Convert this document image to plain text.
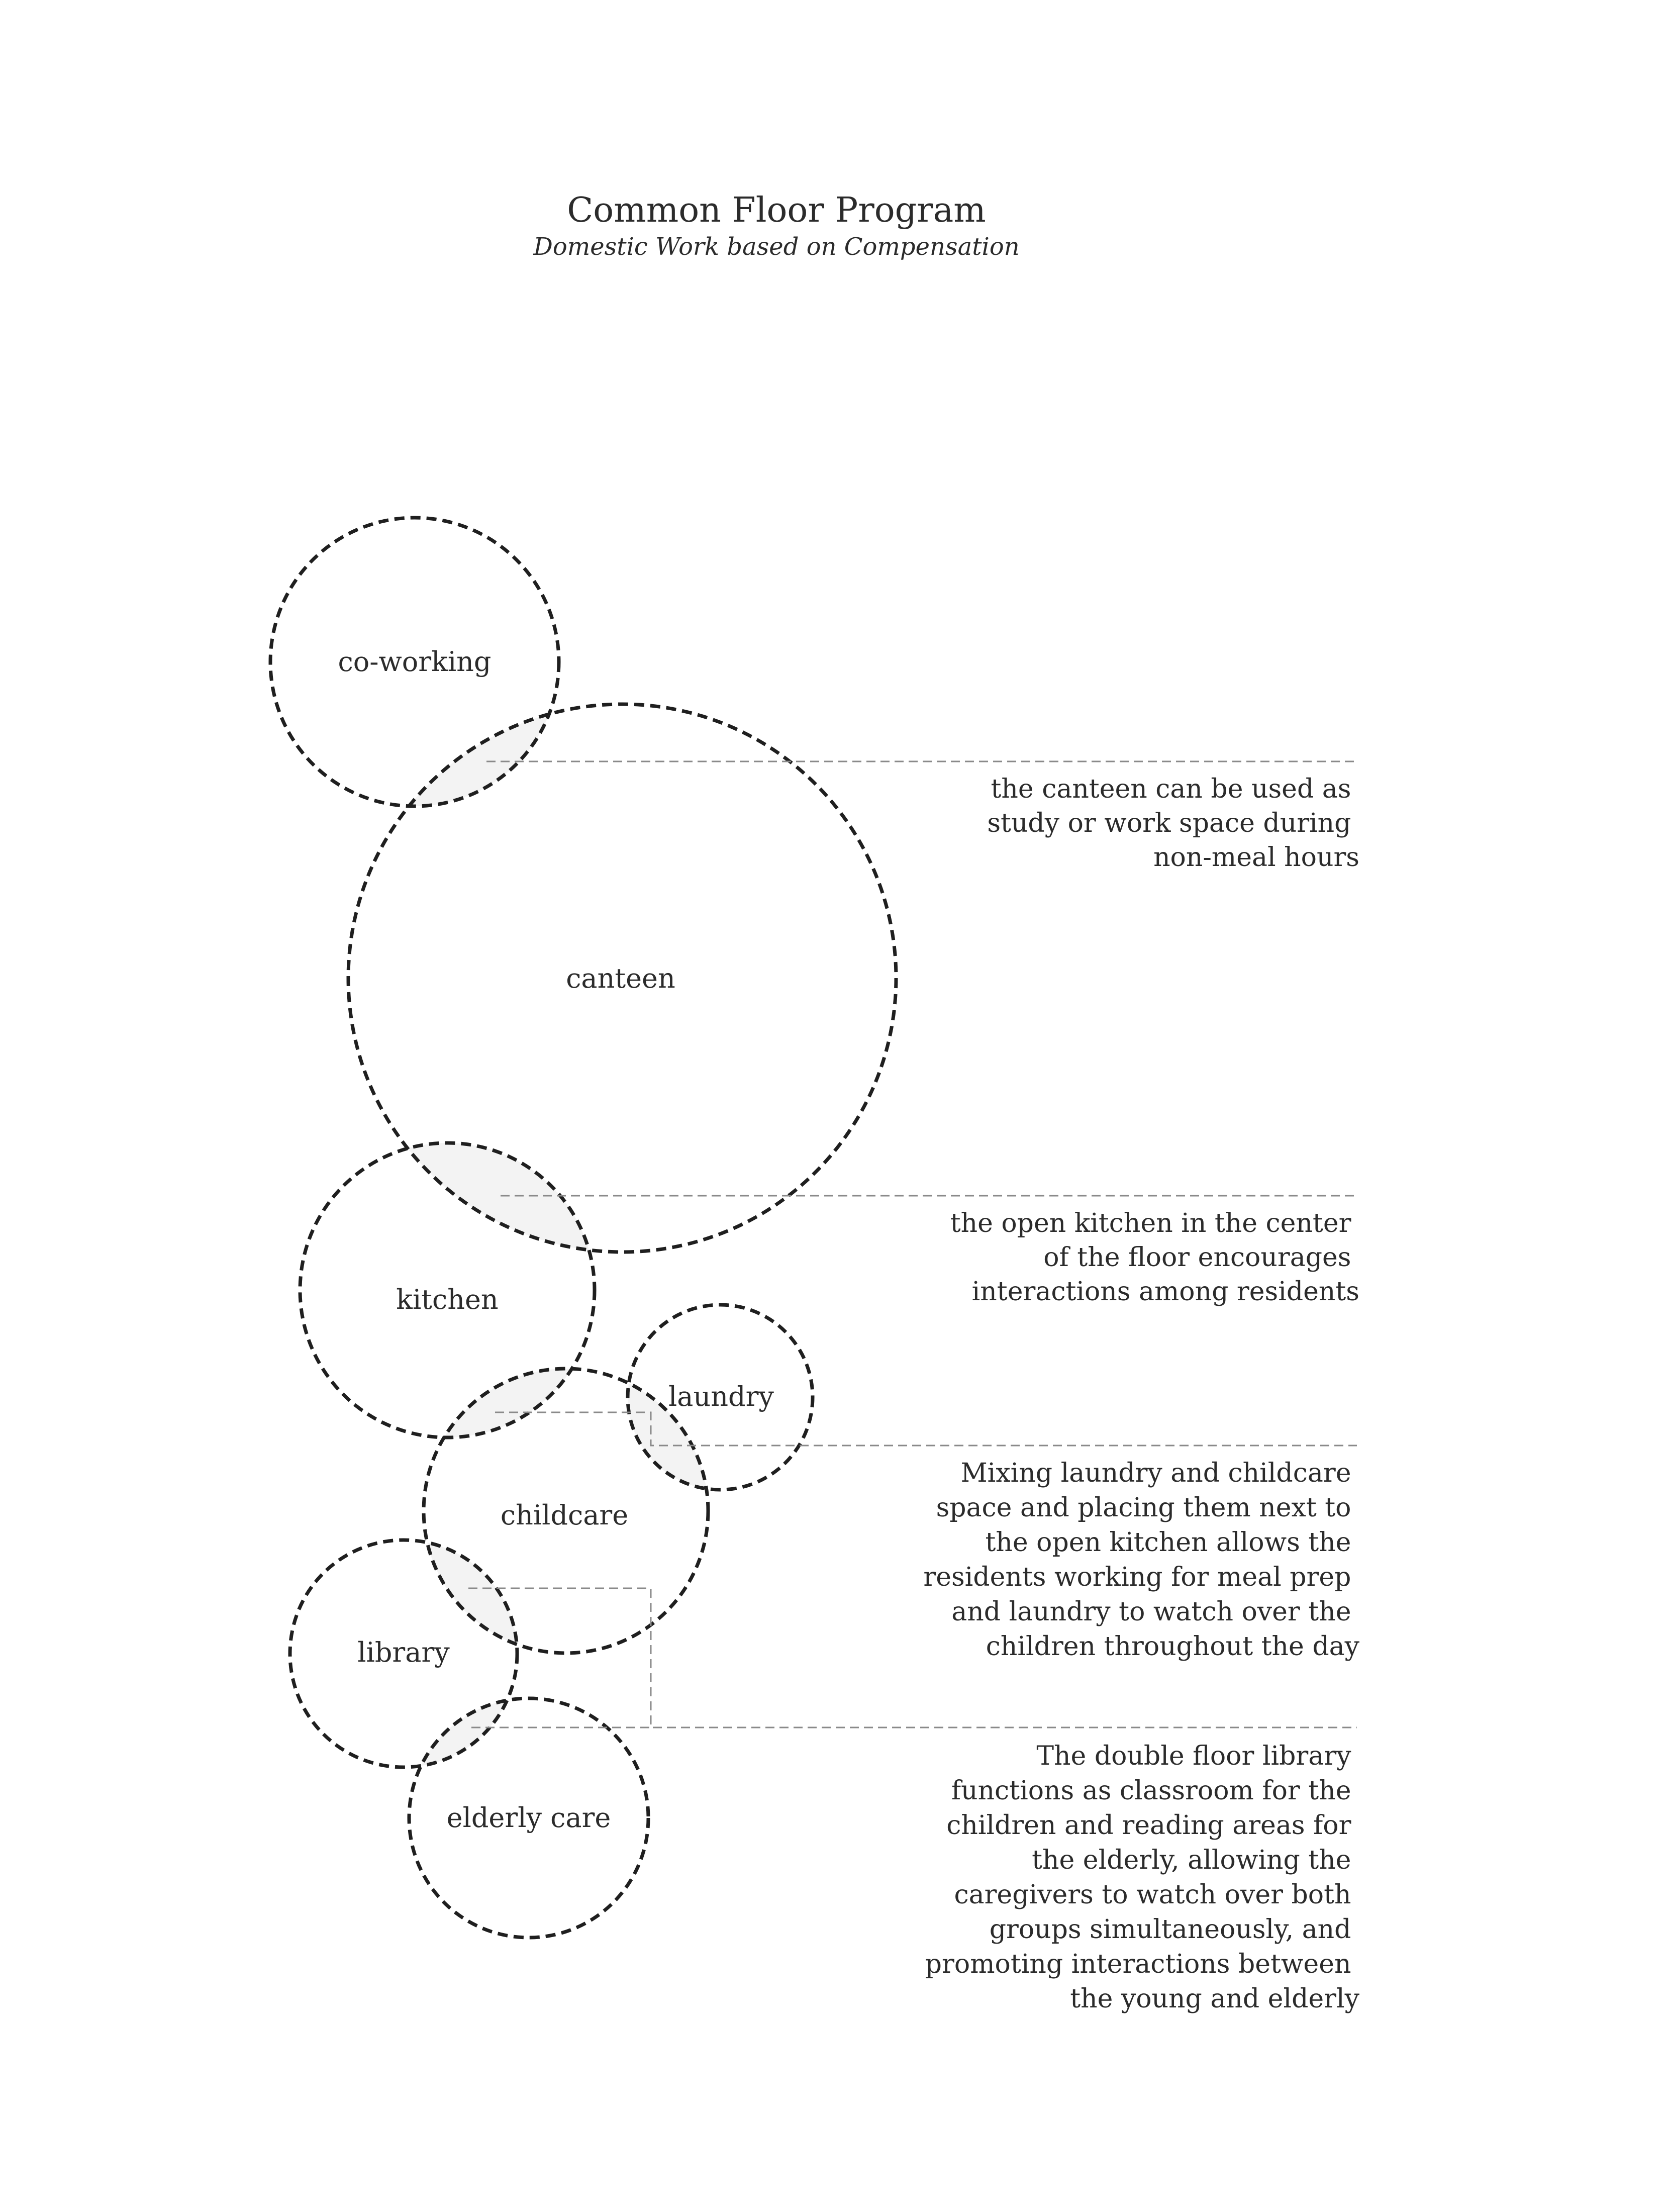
Common Floor Program
Domestic Work based on Compensation
co-working
canteen
kitchen
laundry
childcare
library
elderly care
the canteen can be used as study or work space during non-meal hours
the open kitchen in the center of the floor encourages interactions among residents
Mixing laundry and childcare space and placing them next to the open kitchen allows the residents working for meal prep and laundry to watch over the children throughout the day
The double floor library functions as classroom for the children and reading areas for the elderly, allowing the caregivers to watch over both groups simultaneously, and promoting interactions between the young and elderly
